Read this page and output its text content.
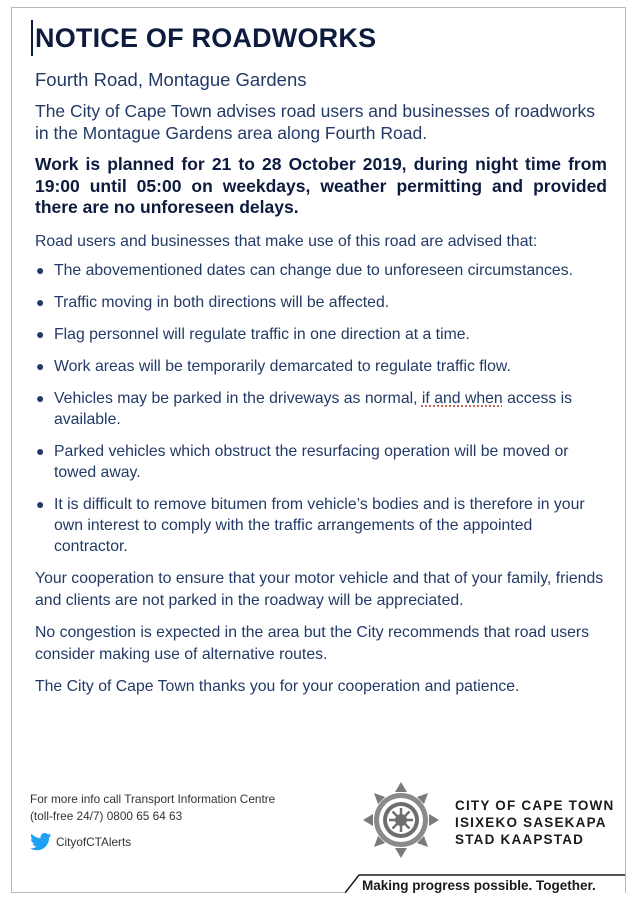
NOTICE OF ROADWORKS
Fourth Road, Montague Gardens
The City of Cape Town advises road users and businesses of roadworks in the Montague Gardens area along Fourth Road.
Work is planned for 21 to 28 October 2019, during night time from 19:00 until 05:00 on weekdays, weather permitting and provided there are no unforeseen delays.
Road users and businesses that make use of this road are advised that:
● The abovementioned dates can change due to unforeseen circumstances.
● Traffic moving in both directions will be affected.
● Flag personnel will regulate traffic in one direction at a time.
● Work areas will be temporarily demarcated to regulate traffic flow.
● Vehicles may be parked in the driveways as normal, if and when access is available.
● Parked vehicles which obstruct the resurfacing operation will be moved or towed away.
● It is difficult to remove bitumen from vehicle’s bodies and is therefore in your own interest to comply with the traffic arrangements of the appointed contractor.
Your cooperation to ensure that your motor vehicle and that of your family, friends and clients are not parked in the roadway will be appreciated.
No congestion is expected in the area but the City recommends that road users consider making use of alternative routes.
The City of Cape Town thanks you for your cooperation and patience.
For more info call Transport Information Centre
(toll-free 24/7) 0800 65 64 63
CityofCTAlerts
CITY OF CAPE TOWN
ISIXEKO SASEKAPA
STAD KAAPSTAD
Making progress possible. Together.
